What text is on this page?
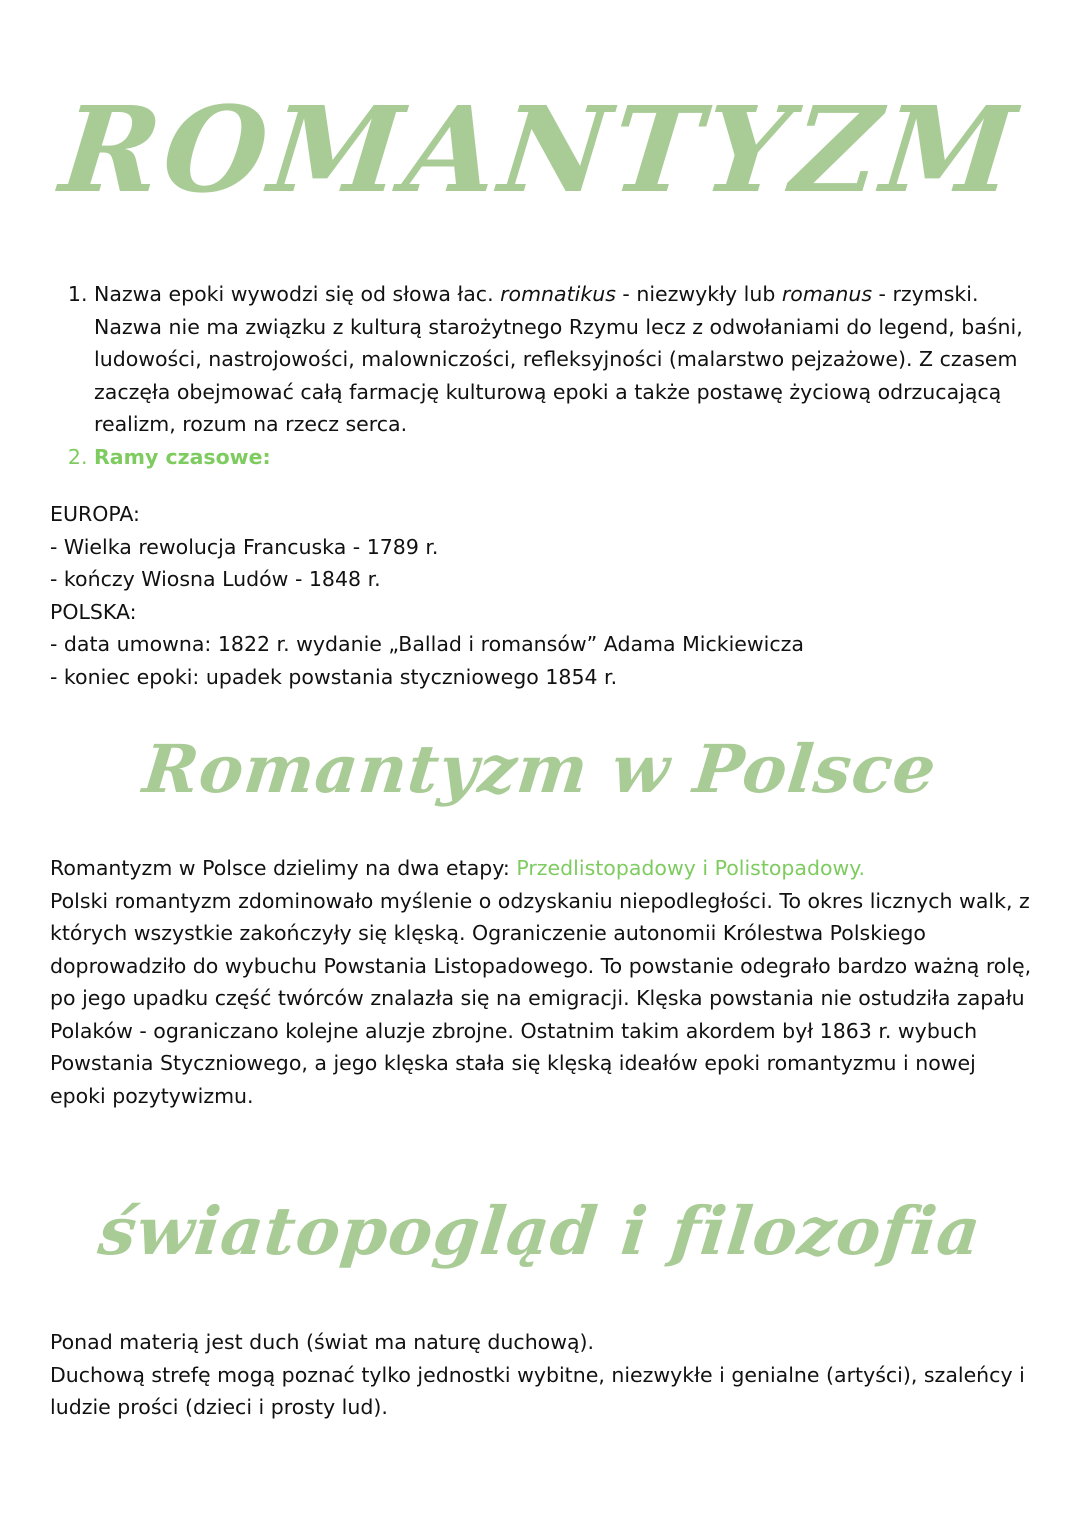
ROMANTYZM
1. Nazwa epoki wywodzi się od słowa łac. romnatikus - niezwykły lub romanus - rzymski. Nazwa nie ma związku z kulturą starożytnego Rzymu lecz z odwołaniami do legend, baśni, ludowości, nastrojowości, malowniczości, refleksyjności (malarstwo pejzażowe). Z czasem zaczęła obejmować całą farmację kulturową epoki a także postawę życiową odrzucającą realizm, rozum na rzecz serca.
2. Ramy czasowe:
EUROPA:
- Wielka rewolucja Francuska - 1789 r.
- kończy Wiosna Ludów - 1848 r.
POLSKA:
- data umowna: 1822 r. wydanie „Ballad i romansów” Adama Mickiewicza
- koniec epoki: upadek powstania styczniowego 1854 r.
Romantyzm w Polsce

Romantyzm w Polsce dzielimy na dwa etapy: Przedlistopadowy i Polistopadowy.
Polski romantyzm zdominowało myślenie o odzyskaniu niepodległości. To okres licznych walk, z których wszystkie zakończyły się klęską. Ograniczenie autonomii Królestwa Polskiego doprowadziło do wybuchu Powstania Listopadowego. To powstanie odegrało bardzo ważną rolę, po jego upadku część twórców znalazła się na emigracji. Klęska powstania nie ostudziła zapału Polaków - ograniczano kolejne aluzje zbrojne. Ostatnim takim akordem był 1863 r. wybuch Powstania Styczniowego, a jego klęska stała się klęską ideałów epoki romantyzmu i nowej epoki pozytywizmu.

światopogląd i filozofia

Ponad materią jest duch (świat ma naturę duchową).

Duchową strefę mogą poznać tylko jednostki wybitne, niezwykłe i genialne (artyści), szaleńcy i ludzie prości (dzieci i prosty lud).
